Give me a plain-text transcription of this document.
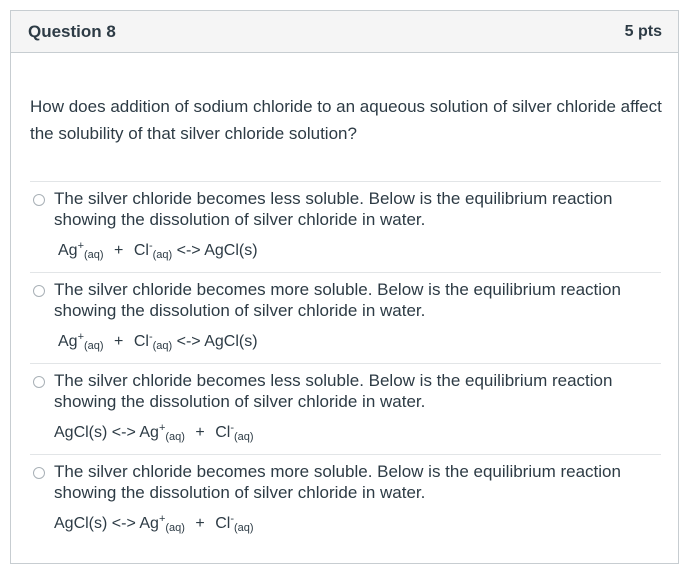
Question 8	5 pts
How does addition of sodium chloride to an aqueous solution of silver chloride affect the solubility of that silver chloride solution?
The silver chloride becomes less soluble. Below is the equilibrium reaction showing the dissolution of silver chloride in water.
$Ag^+_{(aq)} + Cl^-_{(aq)}$ <-> AgCl(s)
The silver chloride becomes more soluble. Below is the equilibrium reaction showing the dissolution of silver chloride in water.
$Ag^+_{(aq)} + Cl^-_{(aq)}$ <-> AgCl(s)
The silver chloride becomes less soluble. Below is the equilibrium reaction showing the dissolution of silver chloride in water.
AgCl(s) <-> $Ag^+_{(aq)} + Cl^-_{(aq)}$
The silver chloride becomes more soluble. Below is the equilibrium reaction showing the dissolution of silver chloride in water.
AgCl(s) <-> $Ag^+_{(aq)} + Cl^-_{(aq)}$
